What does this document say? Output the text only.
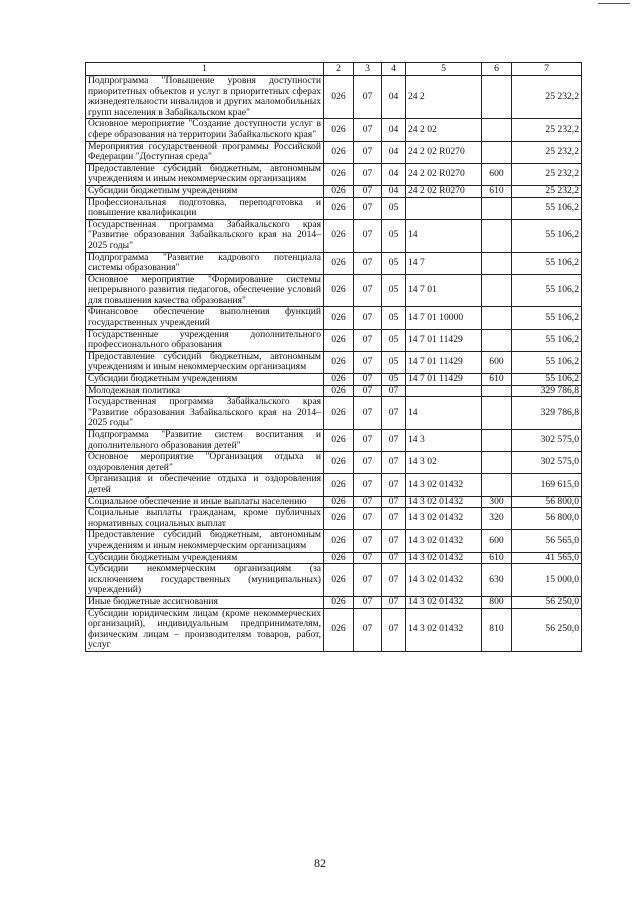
1	2	3	4	5	6	7
Подпрограмма "Повышение уровня доступности приоритетных объектов и услуг в приоритетных сферах жизнедеятельности инвалидов и других маломобильных групп населения в Забайкальском крае"	026	07	04	24 2		25 232,2
Основное мероприятие "Создание доступности услуг в сфере образования на территории Забайкальского края"	026	07	04	24 2 02		25 232,2
Мероприятия государственной программы Российской Федерации "Доступная среда"	026	07	04	24 2 02 R0270		25 232,2
Предоставление субсидий бюджетным, автономным учреждениям и иным некоммерческим организациям	026	07	04	24 2 02 R0270	600	25 232,2
Субсидии бюджетным учреждениям	026	07	04	24 2 02 R0270	610	25 232,2
Профессиональная подготовка, переподготовка и повышение квалификации	026	07	05			55 106,2
Государственная программа Забайкальского края "Развитие образования Забайкальского края на 2014–2025 годы"	026	07	05	14		55 106,2
Подпрограмма "Развитие кадрового потенциала системы образования"	026	07	05	14 7		55 106,2
Основное мероприятие "Формирование системы непрерывного развития педагогов, обеспечение условий для повышения качества образования"	026	07	05	14 7 01		55 106,2
Финансовое обеспечение выполнения функций государственных учреждений	026	07	05	14 7 01 10000		55 106,2
Государственные учреждения дополнительного профессионального образования	026	07	05	14 7 01 11429		55 106,2
Предоставление субсидий бюджетным, автономным учреждениям и иным некоммерческим организациям	026	07	05	14 7 01 11429	600	55 106,2
Субсидии бюджетным учреждениям	026	07	05	14 7 01 11429	610	55 106,2
Молодежная политика	026	07	07			329 786,8
Государственная программа Забайкальского края "Развитие образования Забайкальского края на 2014–2025 годы"	026	07	07	14		329 786,8
Подпрограмма "Развитие систем воспитания и дополнительного образования детей"	026	07	07	14 3		302 575,0
Основное мероприятие "Организация отдыха и оздоровления детей"	026	07	07	14 3 02		302 575,0
Организация и обеспечение отдыха и оздоровления детей	026	07	07	14 3 02 01432		169 615,0
Социальное обеспечение и иные выплаты населению	026	07	07	14 3 02 01432	300	56 800,0
Социальные выплаты гражданам, кроме публичных нормативных социальных выплат	026	07	07	14 3 02 01432	320	56 800,0
Предоставление субсидий бюджетным, автономным учреждениям и иным некоммерческим организациям	026	07	07	14 3 02 01432	600	56 565,0
Субсидии бюджетным учреждениям	026	07	07	14 3 02 01432	610	41 565,0
Субсидии некоммерческим организациям (за исключением государственных (муниципальных) учреждений)	026	07	07	14 3 02 01432	630	15 000,0
Иные бюджетные ассигнования	026	07	07	14 3 02 01432	800	56 250,0
Субсидии юридическим лицам (кроме некоммерческих организаций), индивидуальным предпринимателям, физическим лицам – производителям товаров, работ, услуг	026	07	07	14 3 02 01432	810	56 250,0
82
